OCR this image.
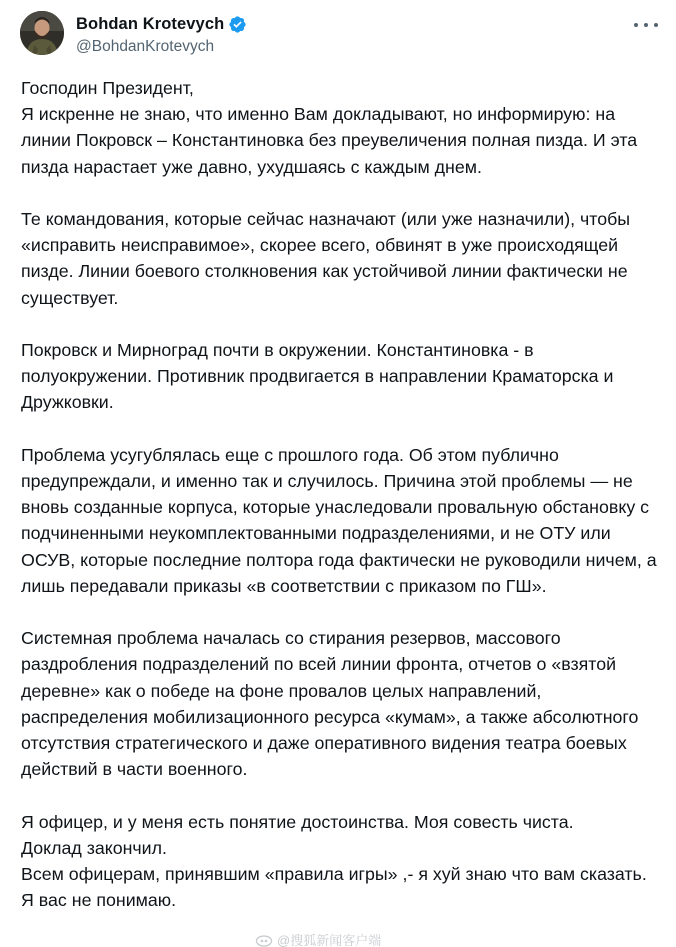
Bohdan Krotevych
@BohdanKrotevych

Господин Президент,
Я искренне не знаю, что именно Вам докладывают, но информирую: на линии Покровск – Константиновка без преувеличения полная пизда. И эта пизда нарастает уже давно, ухудшаясь с каждым днем.

Те командования, которые сейчас назначают (или уже назначили), чтобы «исправить неисправимое», скорее всего, обвинят в уже происходящей пизде. Линии боевого столкновения как устойчивой линии фактически не существует.

Покровск и Мирноград почти в окружении. Константиновка - в полуокружении. Противник продвигается в направлении Краматорска и Дружковки.

Проблема усугублялась еще с прошлого года. Об этом публично предупреждали, и именно так и случилось. Причина этой проблемы — не вновь созданные корпуса, которые унаследовали провальную обстановку с подчиненными неукомплектованными подразделениями, и не ОТУ или ОСУВ, которые последние полтора года фактически не руководили ничем, а лишь передавали приказы «в соответствии с приказом по ГШ».

Системная проблема началась со стирания резервов, массового раздробления подразделений по всей линии фронта, отчетов о «взятой деревне» как о победе на фоне провалов целых направлений, распределения мобилизационного ресурса «кумам», а также абсолютного отсутствия стратегического и даже оперативного видения театра боевых действий в части военного.

Я офицер, и у меня есть понятие достоинства. Моя совесть чиста.
Доклад закончил.
Всем офицерам, принявшим «правила игры» ,- я хуй знаю что вам сказать. Я вас не понимаю.

@搜狐新闻客户端
